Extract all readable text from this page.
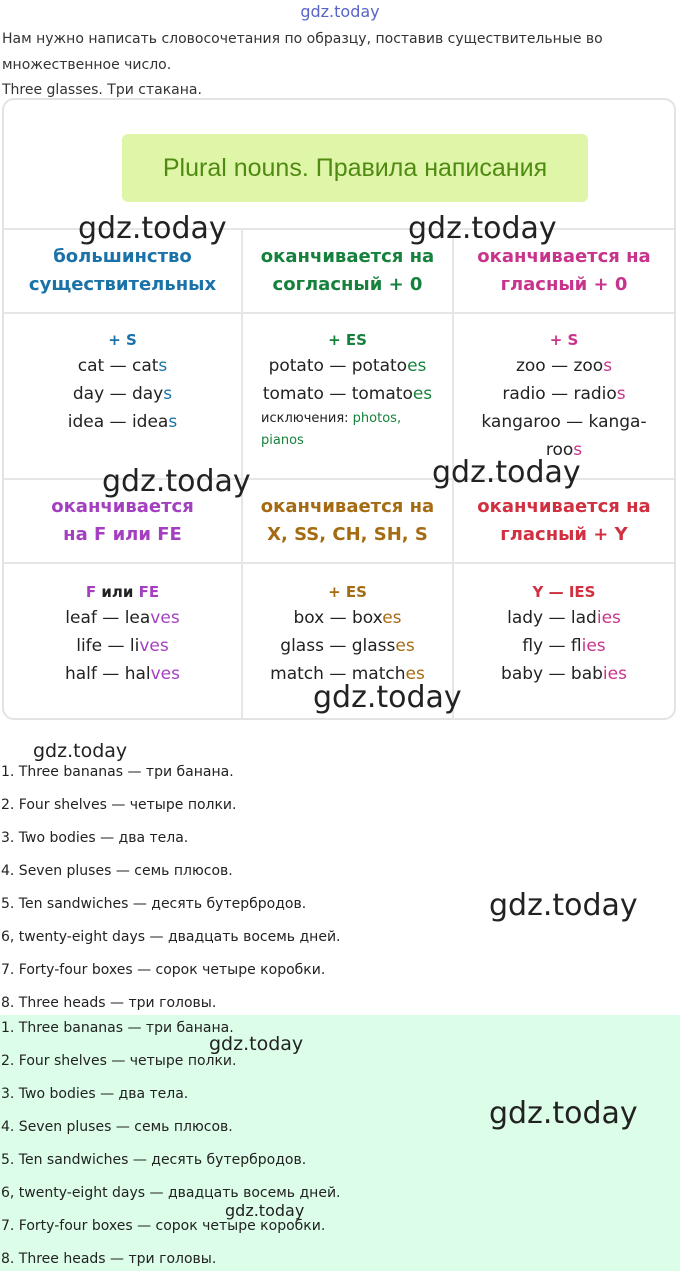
gdz.today
Нам нужно написать словосочетания по образцу, поставив существительные во
множественное число.
Three glasses. Три стакана.
Plural nouns. Правила написания
большинство
существительных
оканчивается на
согласный + 0
оканчивается на
гласный + 0
+ S
cat — cats
day — days
idea — ideas
+ ES
potato — potatoes
tomato — tomatoes
исключения: photos,
pianos
+ S
zoo — zoos
radio — radios
kangaroo — kanga-
roos
оканчивается
на F или FE
оканчивается на
X, SS, CH, SH, S
оканчивается на
гласный + Y
F или FE
leaf — leaves
life — lives
half — halves
+ ES
box — boxes
glass — glasses
match — matches
Y — IES
lady — ladies
fly — flies
baby — babies
gdz.today	gdz.today
gdz.today	gdz.today
gdz.today
gdz.today
1. Three bananas — три банана.
2. Four shelves — четыре полки.
3. Two bodies — два тела.
4. Seven pluses — семь плюсов.
5. Ten sandwiches — десять бутербродов.
6, twenty-eight days — двадцать восемь дней.
7. Forty-four boxes — сорок четыре коробки.
8. Three heads — три головы.
gdz.today
1. Three bananas — три банана.
2. Four shelves — четыре полки.
3. Two bodies — два тела.
4. Seven pluses — семь плюсов.
5. Ten sandwiches — десять бутербродов.
6, twenty-eight days — двадцать восемь дней.
7. Forty-four boxes — сорок четыре коробки.
8. Three heads — три головы.
gdz.today
gdz.today
gdz.today
